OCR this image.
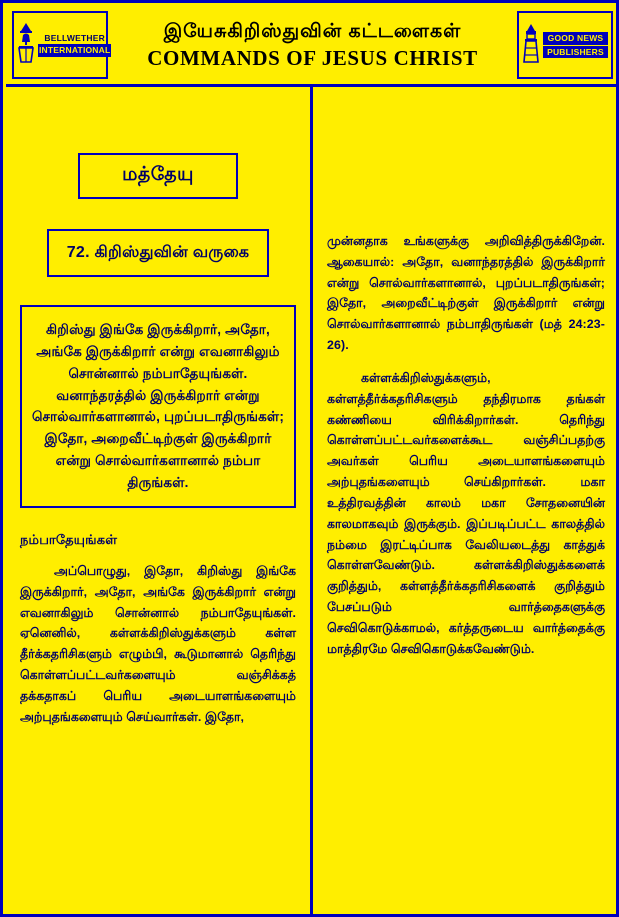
BELLWETHER
INTERNATIONAL
இயேசுகிறிஸ்துவின் கட்டளைகள்
COMMANDS OF JESUS CHRIST
GOOD NEWS
PUBLISHERS
மத்தேயு
72. கிறிஸ்துவின் வருகை
கிறிஸ்து இங்கே இருக்கிறார், அதோ, அங்கே இருக்கிறார் என்று எவனாகிலும் சொன்னால் நம்பாதேயுங்கள். வனாந்தரத்தில் இருக்கிறார் என்று சொல்வார்களானால், புறப்படாதிருங்கள்; இதோ, அறைவீட்டிற்குள் இருக்கிறார் என்று சொல்வார்களானால் நம்பா திருங்கள்.
நம்பாதேயுங்கள்
அப்பொழுது, இதோ, கிறிஸ்து இங்கே இருக்கிறார், அதோ, அங்கே இருக்கிறார் என்று எவனாகிலும் சொன்னால் நம்பாதேயுங்கள். ஏனெனில், கள்ளக்கிறிஸ்துக்களும் கள்ள தீர்க்கதரிசிகளும் எழும்பி, கூடுமானால் தெரிந்து கொள்ளப்பட்டவர்களையும் வஞ்சிக்கத் தக்கதாகப் பெரிய அடையாளங்களையும் அற்புதங்களையும் செய்வார்கள். இதோ,
முன்னதாக உங்களுக்கு அறிவித்திருக்கிறேன். ஆகையால்: அதோ, வனாந்தரத்தில் இருக்கிறார் என்று சொல்வார்களானால், புறப்படாதிருங்கள்; இதோ, அறைவீட்டிற்குள் இருக்கிறார் என்று சொல்வார்களானால் நம்பாதிருங்கள் (மத் 24:23-26).
கள்ளக்கிறிஸ்துக்களும், கள்ளத்தீர்க்கதரிசிகளும் தந்திரமாக தங்கள் கண்ணியை விரிக்கிறார்கள். தெரிந்து கொள்ளப்பட்டவர்களைக்கூட வஞ்சிப்பதற்கு அவர்கள் பெரிய அடையாளங்களையும் அற்புதங்களையும் செய்கிறார்கள். மகா உத்திரவத்தின் காலம் மகா சோதனையின் காலமாகவும் இருக்கும். இப்படிப்பட்ட காலத்தில் நம்மை இரட்டிப்பாக வேலியடைத்து காத்துக் கொள்ளவேண்டும். கள்ளக்கிறிஸ்துக்களைக் குறித்தும், கள்ளத்தீர்க்கதரிசிகளைக் குறித்தும் பேசப்படும் வார்த்தைகளுக்கு செவிகொடுக்காமல், கர்த்தருடைய வார்த்தைக்கு மாத்திரமே செவிகொடுக்கவேண்டும்.
